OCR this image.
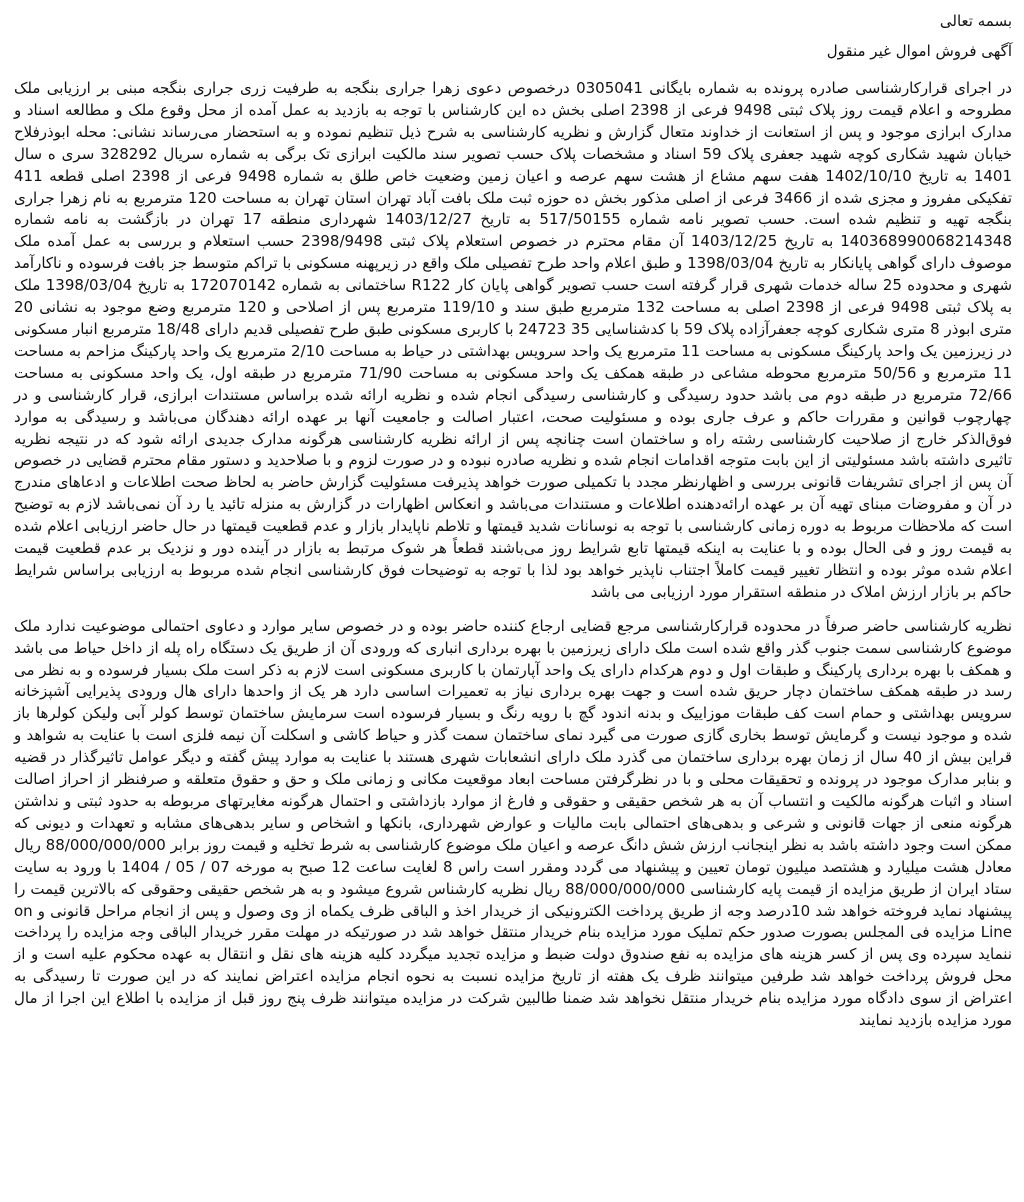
بسمه تعالی
آگهی فروش اموال غیر منقول

در اجرای قرارکارشناسی صادره پرونده به شماره بایگانی 0305041 درخصوص دعوی زهرا جراری بنگجه به طرفیت زری جراری بنگجه مبنی بر ارزیابی ملک مطروحه و اعلام قیمت روز پلاک ثبتی 9498 فرعی از 2398 اصلی بخش ده این کارشناس با توجه به بازدید به عمل آمده از محل وقوع ملک و مطالعه اسناد و مدارک ابرازی موجود و پس از استعانت از خداوند متعال گزارش و نظریه کارشناسی به شرح ذیل تنظیم نموده و به استحضار می‌رساند نشانی: محله ابوذرفلاح خیابان شهید شکاری کوچه شهید جعفری پلاک 59 اسناد و مشخصات پلاک حسب تصویر سند مالکیت ابرازی تک برگی به شماره سریال 328292 سری ه سال 1401 به تاریخ 1402/10/10 هفت سهم مشاع از هشت سهم عرصه و اعیان زمین وضعیت خاص طلق به شماره 9498 فرعی از 2398 اصلی قطعه 411 تفکیکی مفروز و مجزی شده از 3466 فرعی از اصلی مذکور بخش ده حوزه ثبت ملک بافت آباد تهران استان تهران به مساحت 120 مترمربع به نام زهرا جراری بنگجه تهیه و تنظیم شده است. حسب تصویر نامه شماره 517/50155 به تاریخ 1403/12/27 شهرداری منطقه 17 تهران در بازگشت به نامه شماره 140368990068214348 به تاریخ 1403/12/25 آن مقام محترم در خصوص استعلام پلاک ثبتی 2398/9498 حسب استعلام و بررسی به عمل آمده ملک موصوف دارای گواهی پایانکار به تاریخ 1398/03/04 و طبق اعلام واحد طرح تفصیلی ملک واقع در زیرپهنه مسکونی با تراکم متوسط جز بافت فرسوده و ناکارآمد شهری و محدوده 25 ساله خدمات شهری قرار گرفته است حسب تصویر گواهی پایان کار R122 ساختمانی به شماره 172070142 به تاریخ 1398/03/04 ملک به پلاک ثبتی 9498 فرعی از 2398 اصلی به مساحت 132 مترمربع طبق سند و 119/10 مترمربع پس از اصلاحی و 120 مترمربع وضع موجود به نشانی 20 متری ابوذر 8 متری شکاری کوچه جعفرآزاده پلاک 59 با کدشناسایی 35 24723 با کاربری مسکونی طبق طرح تفصیلی قدیم دارای 18/48 مترمربع انبار مسکونی در زیرزمین یک واحد پارکینگ مسکونی به مساحت 11 مترمربع یک واحد سرویس بهداشتی در حیاط به مساحت 2/10 مترمربع یک واحد پارکینگ مزاحم به مساحت 11 مترمربع و 50/56 مترمربع محوطه مشاعی در طبقه همکف یک واحد مسکونی به مساحت 71/90 مترمربع در طبقه اول، یک واحد مسکونی به مساحت 72/66 مترمربع در طبقه دوم می باشد حدود رسیدگی و کارشناسی رسیدگی انجام شده و نظریه ارائه شده براساس مستندات ابرازی، قرار کارشناسی و در چهارچوب قوانین و مقررات حاکم و عرف جاری بوده و مسئولیت صحت، اعتبار اصالت و جامعیت آنها بر عهده ارائه دهندگان می‌باشد و رسیدگی به موارد فوق‌الذکر خارج از صلاحیت کارشناسی رشته راه و ساختمان است چنانچه پس از ارائه نظریه کارشناسی هرگونه مدارک جدیدی ارائه شود که در نتیجه نظریه تاثیری داشته باشد مسئولیتی از این بابت متوجه اقدامات انجام شده و نظریه صادره نبوده و در صورت لزوم و با صلاحدید و دستور مقام محترم قضایی در خصوص آن پس از اجرای تشریفات قانونی بررسی و اظهارنظر مجدد با تکمیلی صورت خواهد پذیرفت مسئولیت گزارش حاضر به لحاظ صحت اطلاعات و ادعاهای مندرج در آن و مفروضات مبنای تهیه آن بر عهده ارائه‌دهنده اطلاعات و مستندات می‌باشد و انعکاس اظهارات در گزارش به منزله تائید یا رد آن نمی‌باشد لازم به توضیح است که ملاحظات مربوط به دوره زمانی کارشناسی با توجه به نوسانات شدید قیمتها و تلاطم ناپایدار بازار و عدم قطعیت قیمتها در حال حاضر ارزیابی اعلام شده به قیمت روز و فی الحال بوده و با عنایت به اینکه قیمتها تابع شرایط روز می‌باشند قطعاً هر شوک مرتبط به بازار در آینده دور و نزدیک بر عدم قطعیت قیمت اعلام شده موثر بوده و انتظار تغییر قیمت کاملاً اجتناب ناپذیر خواهد بود لذا با توجه به توضیحات فوق کارشناسی انجام شده مربوط به ارزیابی براساس شرایط حاکم بر بازار ارزش املاک در منطقه استقرار مورد ارزیابی می باشد

نظریه کارشناسی حاضر صرفاً در محدوده قرارکارشناسی مرجع قضایی ارجاع کننده حاضر بوده و در خصوص سایر موارد و دعاوی احتمالی موضوعیت ندارد ملک موضوع کارشناسی سمت جنوب گذر واقع شده است ملک دارای زیرزمین با بهره برداری انباری که ورودی آن از طریق یک دستگاه راه پله از داخل حیاط می باشد و همکف با بهره برداری پارکینگ و طبقات اول و دوم هرکدام دارای یک واحد آپارتمان با کاربری مسکونی است لازم به ذکر است ملک بسیار فرسوده و به نظر می رسد در طبقه همکف ساختمان دچار حریق شده است و جهت بهره برداری نیاز به تعمیرات اساسی دارد هر یک از واحدها دارای هال ورودی پذیرایی آشپزخانه سرویس بهداشتی و حمام است کف طبقات موزاییک و بدنه اندود گچ با رویه رنگ و بسیار فرسوده است سرمایش ساختمان توسط کولر آبی ولیکن کولرها باز شده و موجود نیست و گرمایش توسط بخاری گازی صورت می گیرد نمای ساختمان سمت گذر و حیاط کاشی و اسکلت آن نیمه فلزی است با عنایت به شواهد و قراین بیش از 40 سال از زمان بهره برداری ساختمان می گذرد ملک دارای انشعابات شهری هستند با عنایت به موارد پیش گفته و دیگر عوامل تاثیرگذار در قضیه و بنابر مدارک موجود در پرونده و تحقیقات محلی و با در نظرگرفتن مساحت ابعاد موقعیت مکانی و زمانی ملک و حق و حقوق متعلقه و صرفنظر از احراز اصالت اسناد و اثبات هرگونه مالکیت و انتساب آن به هر شخص حقیقی و حقوقی و فارغ از موارد بازداشتی و احتمال هرگونه مغایرتهای مربوطه به حدود ثبتی و نداشتن هرگونه منعی از جهات قانونی و شرعی و بدهی‌های احتمالی بابت مالیات و عوارض شهرداری، بانکها و اشخاص و سایر بدهی‌های مشابه و تعهدات و دیونی که ممکن است وجود داشته باشد به نظر اینجانب ارزش شش دانگ عرصه و اعیان ملک موضوع کارشناسی به شرط تخلیه و قیمت روز برابر 88/000/000/000 ریال معادل هشت میلیارد و هشتصد میلیون تومان تعیین و پیشنهاد می گردد ومقرر است راس 8 لغایت ساعت 12 صبح به مورخه 07 / 05 / 1404 با ورود به سایت ستاد ایران از طریق مزایده از قیمت پایه کارشناسی 88/000/000/000 ریال نظریه کارشناس شروع میشود و به هر شخص حقیقی وحقوقی که بالاترین قیمت را پیشنهاد نماید فروخته خواهد شد 10درصد وجه از طریق پرداخت الکترونیکی از خریدار اخذ و الباقی ظرف یکماه از وی وصول و پس از انجام مراحل قانونی و on Line مزایده فی المجلس بصورت صدور حکم تملیک مورد مزایده بنام خریدار منتقل خواهد شد در صورتیکه در مهلت مقرر خریدار الباقی وجه مزایده را پرداخت ننماید سپرده وی پس از کسر هزینه های مزایده به نفع صندوق دولت ضبط و مزایده تجدید میگردد کلیه هزینه های نقل و انتقال به عهده محکوم علیه است و از محل فروش پرداخت خواهد شد طرفین میتوانند ظرف یک هفته از تاریخ مزایده نسبت به نحوه انجام مزایده اعتراض نمایند که در این صورت تا رسیدگی به اعتراض از سوی دادگاه مورد مزایده بنام خریدار منتقل نخواهد شد ضمنا طالبین شرکت در مزایده میتوانند ظرف پنج روز قبل از مزایده با اطلاع این اجرا از مال مورد مزایده بازدید نمایند
